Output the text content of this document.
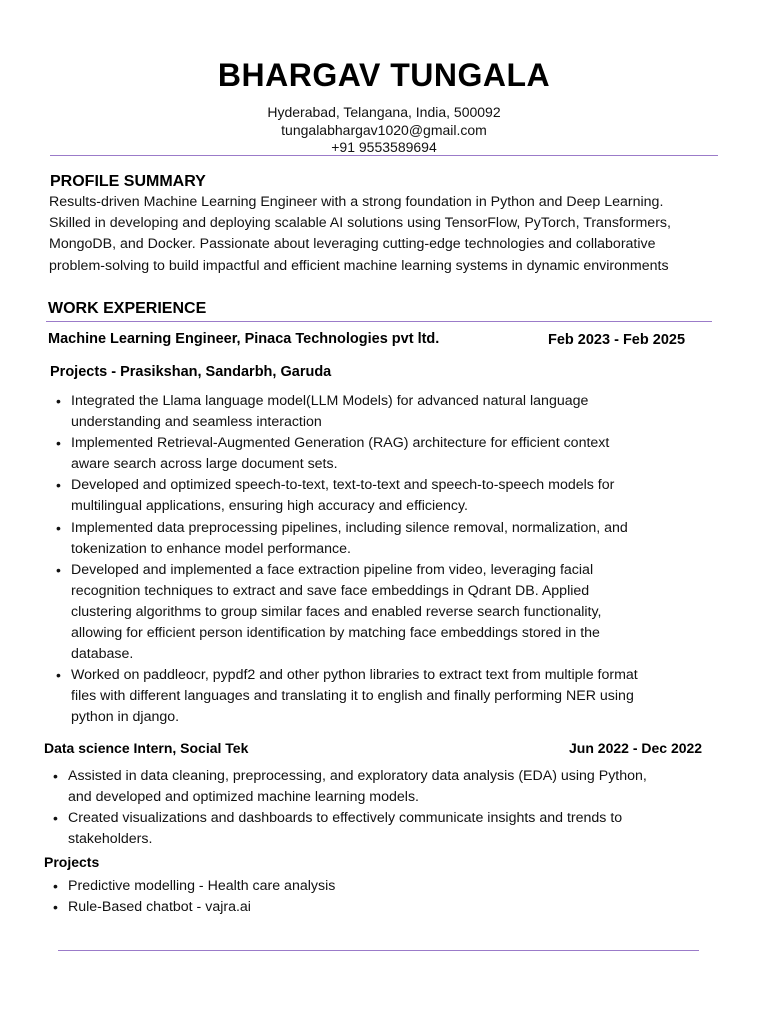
BHARGAV TUNGALA
Hyderabad, Telangana, India, 500092
tungalabhargav1020@gmail.com
+91 9553589694
PROFILE SUMMARY
Results-driven Machine Learning Engineer with a strong foundation in Python and Deep Learning.
Skilled in developing and deploying scalable AI solutions using TensorFlow, PyTorch, Transformers,
MongoDB, and Docker. Passionate about leveraging cutting-edge technologies and collaborative
problem-solving to build impactful and efficient machine learning systems in dynamic environments
WORK EXPERIENCE
Machine Learning Engineer, Pinaca Technologies pvt ltd.	Feb 2023 - Feb 2025
Projects - Prasikshan, Sandarbh, Garuda
• Integrated the Llama language model(LLM Models) for advanced natural language
understanding and seamless interaction
• Implemented Retrieval-Augmented Generation (RAG) architecture for efficient context
aware search across large document sets.
• Developed and optimized speech-to-text, text-to-text and speech-to-speech models for
multilingual applications, ensuring high accuracy and efficiency.
• Implemented data preprocessing pipelines, including silence removal, normalization, and
tokenization to enhance model performance.
• Developed and implemented a face extraction pipeline from video, leveraging facial
recognition techniques to extract and save face embeddings in Qdrant DB. Applied
clustering algorithms to group similar faces and enabled reverse search functionality,
allowing for efficient person identification by matching face embeddings stored in the
database.
• Worked on paddleocr, pypdf2 and other python libraries to extract text from multiple format
files with different languages and translating it to english and finally performing NER using
python in django.
Data science Intern, Social Tek	Jun 2022 - Dec 2022
• Assisted in data cleaning, preprocessing, and exploratory data analysis (EDA) using Python,
and developed and optimized machine learning models.
• Created visualizations and dashboards to effectively communicate insights and trends to
stakeholders.
Projects
• Predictive modelling - Health care analysis
• Rule-Based chatbot - vajra.ai
